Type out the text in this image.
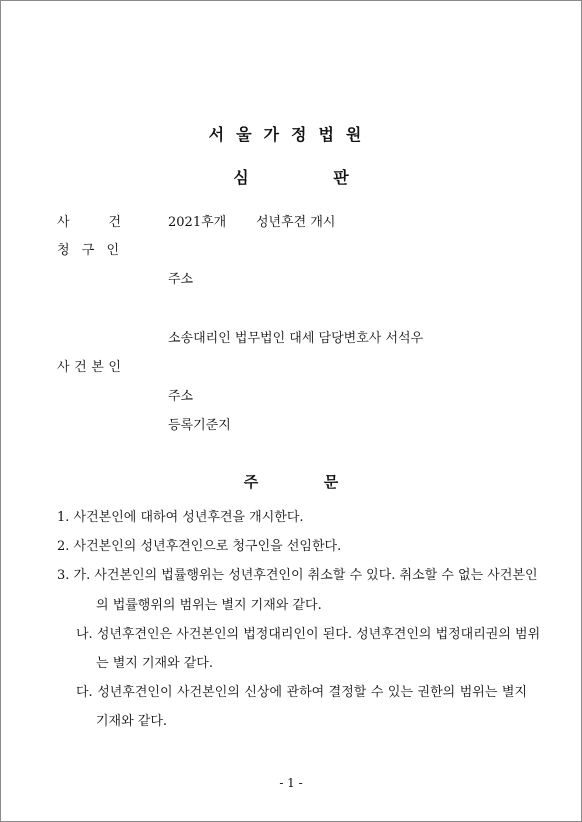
서울가정법원
심	판
사	건	2021후개 성년후견 개시
청 구 인
주소
소송대리인 법무법인 대세 담당변호사 서석우
사 건 본 인
주소
등록기준지
주	문
1. 사건본인에 대하여 성년후견을 개시한다.
2. 사건본인의 성년후견인으로 청구인을 선임한다.
3. 가. 사건본인의 법률행위는 성년후견인이 취소할 수 있다. 취소할 수 없는 사건본인
의 법률행위의 범위는 별지 기재와 같다.
나. 성년후견인은 사건본인의 법정대리인이 된다. 성년후견인의 법정대리권의 범위
는 별지 기재와 같다.
다. 성년후견인이 사건본인의 신상에 관하여 결정할 수 있는 권한의 범위는 별지
기재와 같다.
- 1 -
